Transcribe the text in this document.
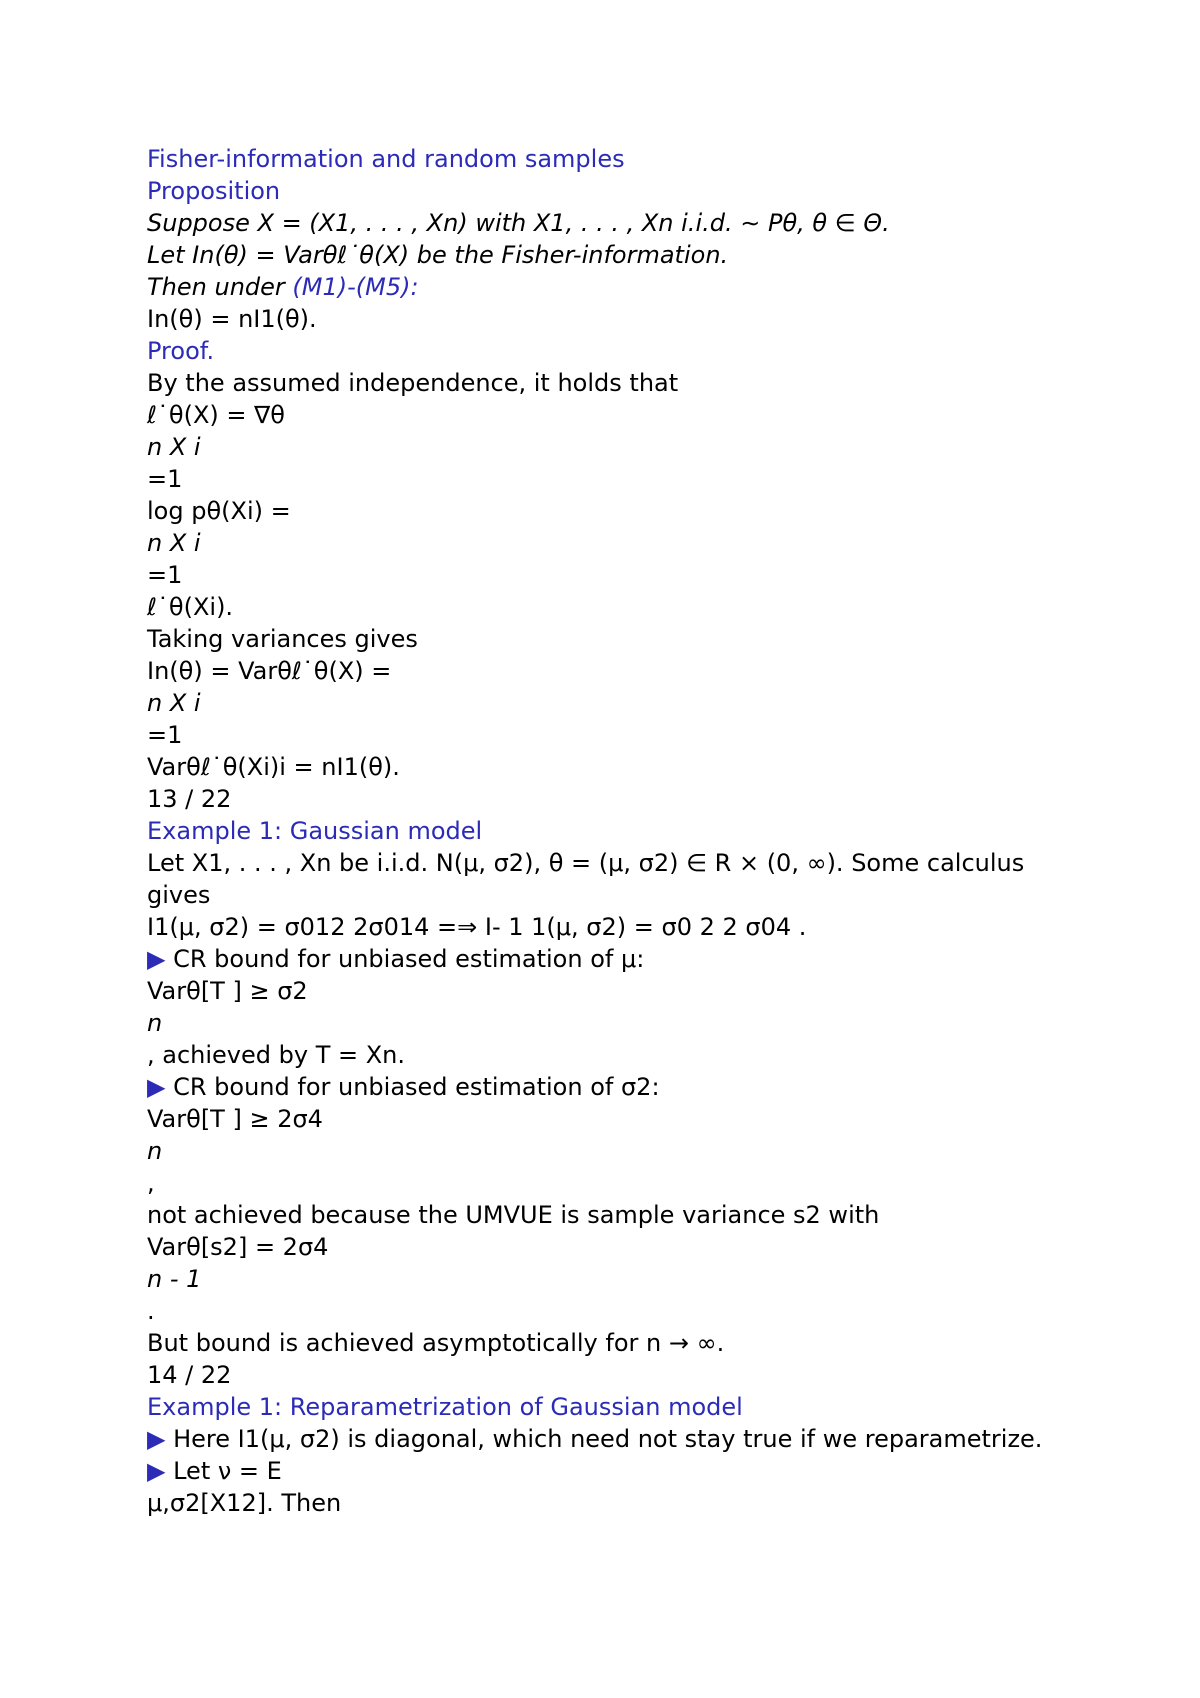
Fisher-information and random samples
Proposition
Suppose X = (X1, . . . , Xn) with X1, . . . , Xn i.i.d. ∼ Pθ, θ ∈ Θ.
Let In(θ) = Varθℓ˙θ(X) be the Fisher-information.
Then under (M1)-(M5):
In(θ) = nI1(θ).
Proof.
By the assumed independence, it holds that
ℓ˙θ(X) = ∇θ
n X i
=1
log pθ(Xi) =
n X i
=1
ℓ˙θ(Xi).
Taking variances gives
In(θ) = Varθℓ˙θ(X) =
n X i
=1
Varθℓ˙θ(Xi)i = nI1(θ).
13 / 22
Example 1: Gaussian model
Let X1, . . . , Xn be i.i.d. N(μ, σ2), θ = (μ, σ2) ∈ R × (0, ∞). Some calculus
gives
I1(μ, σ2) = σ012 2σ014 =⇒ I- 1 1(μ, σ2) = σ0 2 2 σ04 .
▶ CR bound for unbiased estimation of μ:
Varθ[T ] ≥ σ2
n
, achieved by T = Xn.
▶ CR bound for unbiased estimation of σ2:
Varθ[T ] ≥ 2σ4
n
,
not achieved because the UMVUE is sample variance s2 with
Varθ[s2] = 2σ4
n - 1
.
But bound is achieved asymptotically for n → ∞.
14 / 22
Example 1: Reparametrization of Gaussian model
▶ Here I1(μ, σ2) is diagonal, which need not stay true if we reparametrize.
▶ Let ν = E
μ,σ2[X12]. Then
